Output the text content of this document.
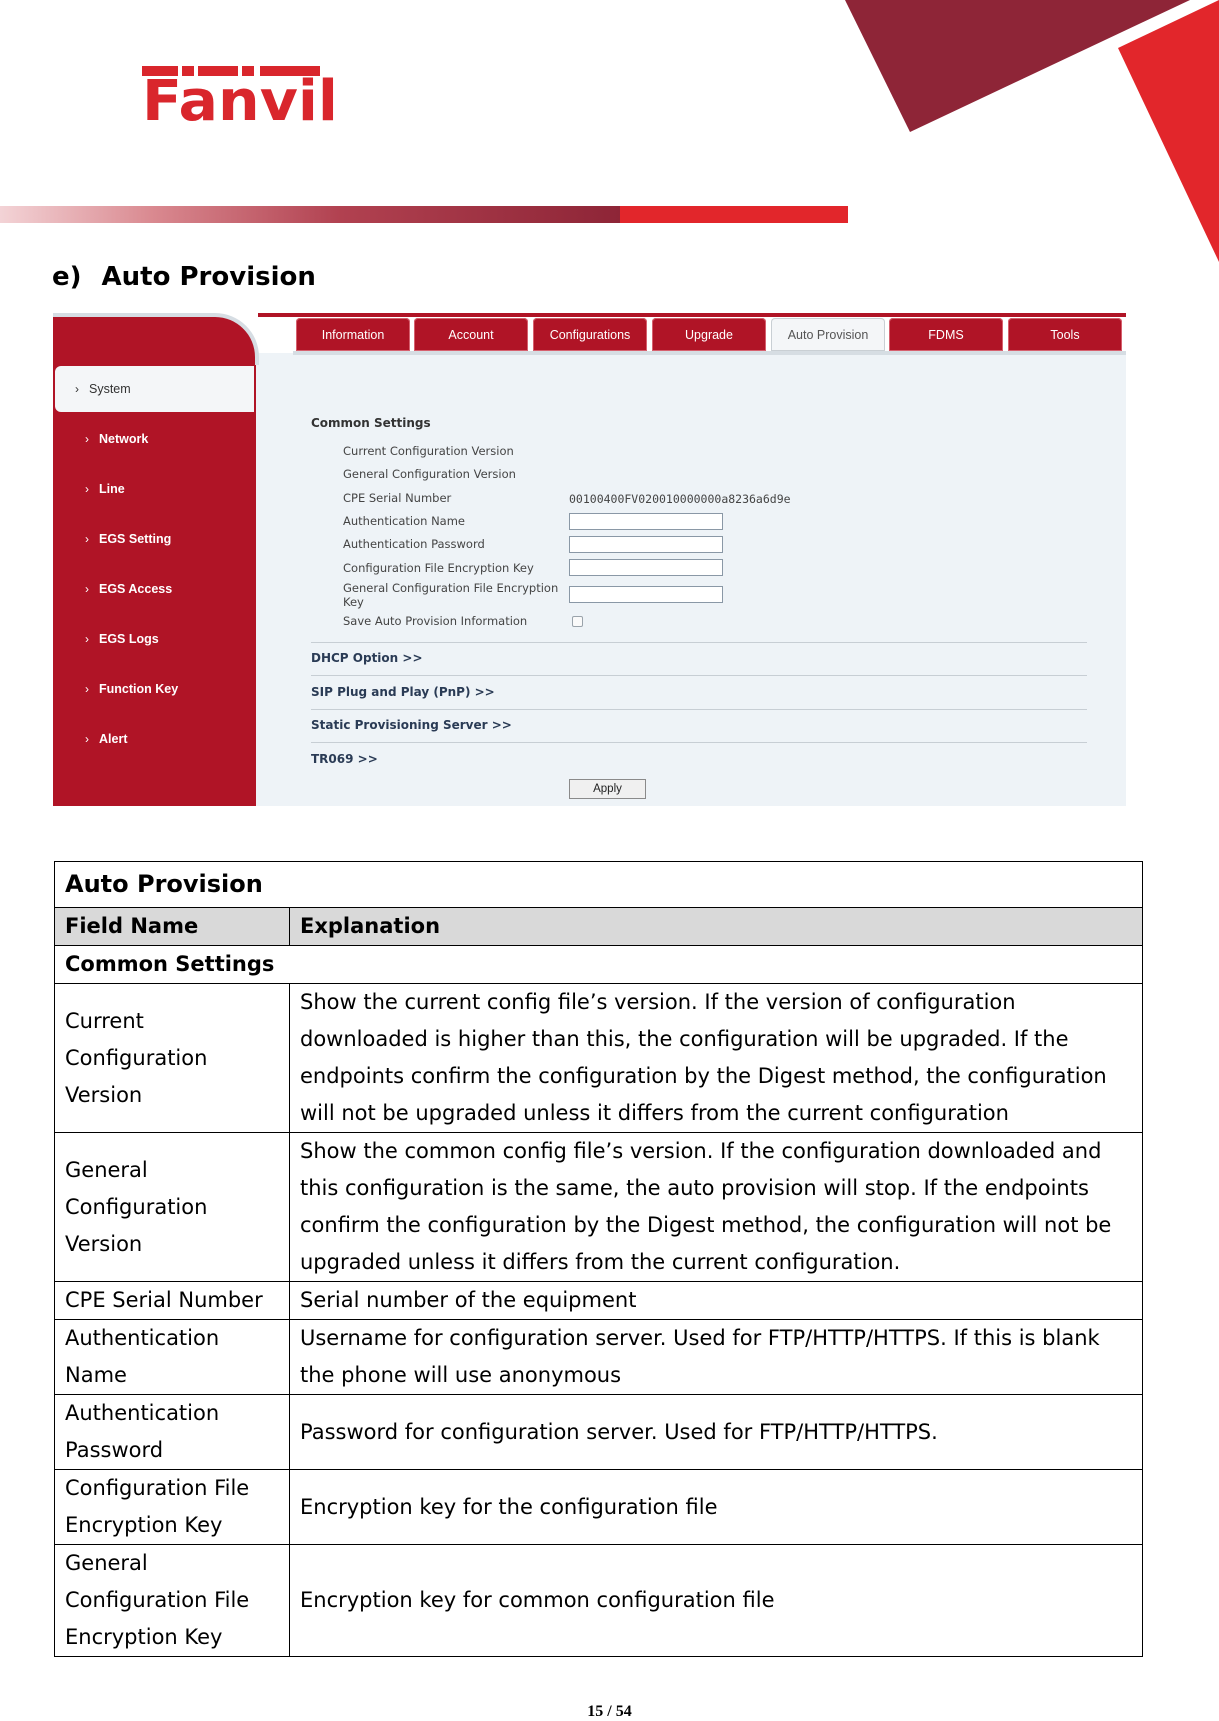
Fanvil
e) Auto Provision
Information	Account	Configurations	Upgrade	Auto Provision	FDMS	Tools
› System
› Network
› Line
› EGS Setting
› EGS Access
› EGS Logs
› Function Key
› Alert
Common Settings
Current Configuration Version
General Configuration Version
CPE Serial Number	00100400FV020010000000a8236a6d9e
Authentication Name
Authentication Password
Configuration File Encryption Key
General Configuration File Encryption
Key
Save Auto Provision Information
DHCP Option >>
SIP Plug and Play (PnP) >>
Static Provisioning Server >>
TR069 >>
Apply
Auto Provision	
Field Name	Explanation
Common Settings	
Current Configuration Version	Show the current config file’s version. If the version of configuration downloaded is higher than this, the configuration will be upgraded. If the endpoints confirm the configuration by the Digest method, the configuration will not be upgraded unless it differs from the current configuration
General Configuration Version	Show the common config file’s version. If the configuration downloaded and this configuration is the same, the auto provision will stop. If the endpoints confirm the configuration by the Digest method, the configuration will not be upgraded unless it differs from the current configuration.
CPE Serial Number	Serial number of the equipment
Authentication Name	Username for configuration server. Used for FTP/HTTP/HTTPS. If this is blank the phone will use anonymous
Authentication Password	Password for configuration server. Used for FTP/HTTP/HTTPS.
Configuration File Encryption Key	Encryption key for the configuration file
General Configuration File Encryption Key	Encryption key for common configuration file
15 / 54
